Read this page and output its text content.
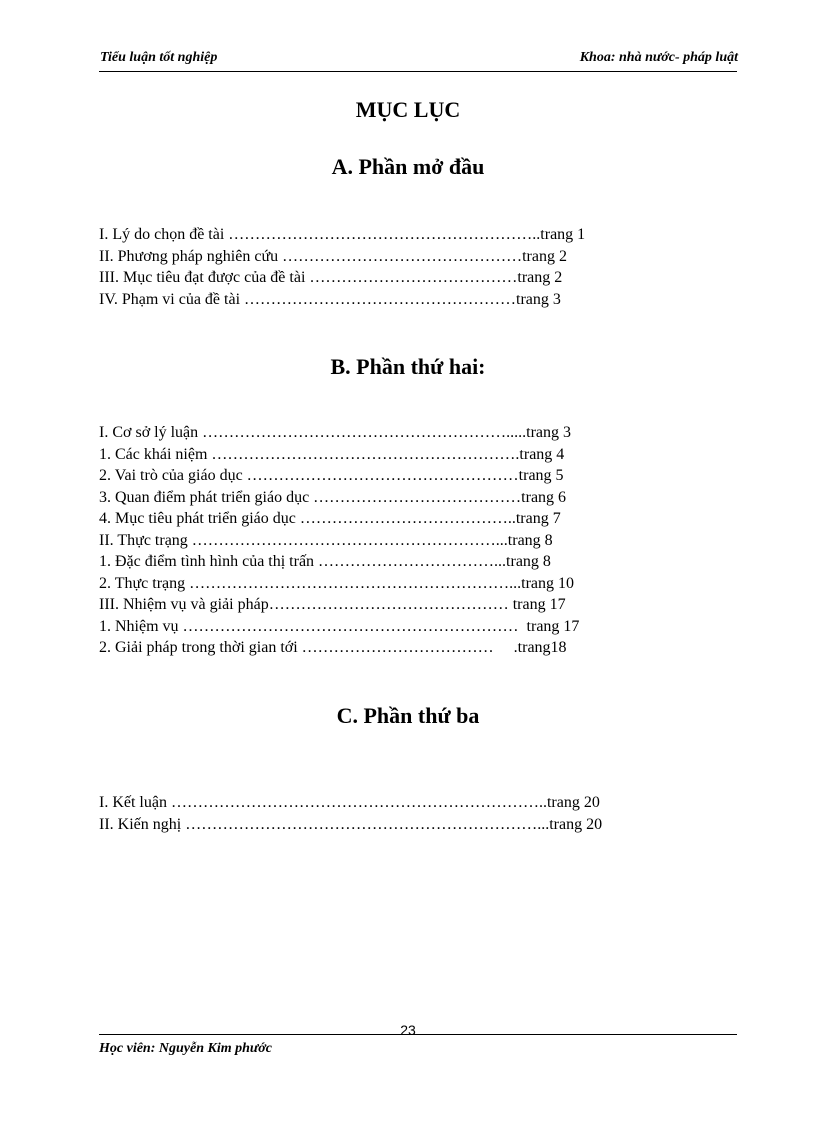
Tiểu luận tốt nghiệp	Khoa: nhà nước- pháp luật
MỤC LỤC
A. Phần mở đầu
I. Lý do chọn đề tài …………………………………………………..trang 1
II. Phương pháp nghiên cứu ………………………………………trang 2
III. Mục tiêu đạt được của đề tài …………………………………trang 2
IV. Phạm vi của đề tài ……………………………………………trang 3
B. Phần thứ hai:
I. Cơ sở lý luận ………………………………………………….....trang 3
1. Các khái niệm ………………………………………………….trang 4
2. Vai trò của giáo dục ……………………………………………trang 5
3. Quan điểm phát triển giáo dục …………………………………trang 6
4. Mục tiêu phát triển giáo dục …………………………………..trang 7
II. Thực trạng …………………………………………………...trang 8
1. Đặc điểm tình hình của thị trấn ……………………………...trang 8
2. Thực trạng ……………………………………………………...trang 10
III. Nhiệm vụ và giải pháp……………………………………… trang 17
1. Nhiệm vụ ………………………………………………………  trang 17
2. Giải pháp trong thời gian tới ………………………………     .trang18
C. Phần thứ ba
I. Kết luận ……………………………………………………………..trang 20
II. Kiến nghị …………………………………………………………...trang 20
23
Học viên: Nguyễn Kim phước
